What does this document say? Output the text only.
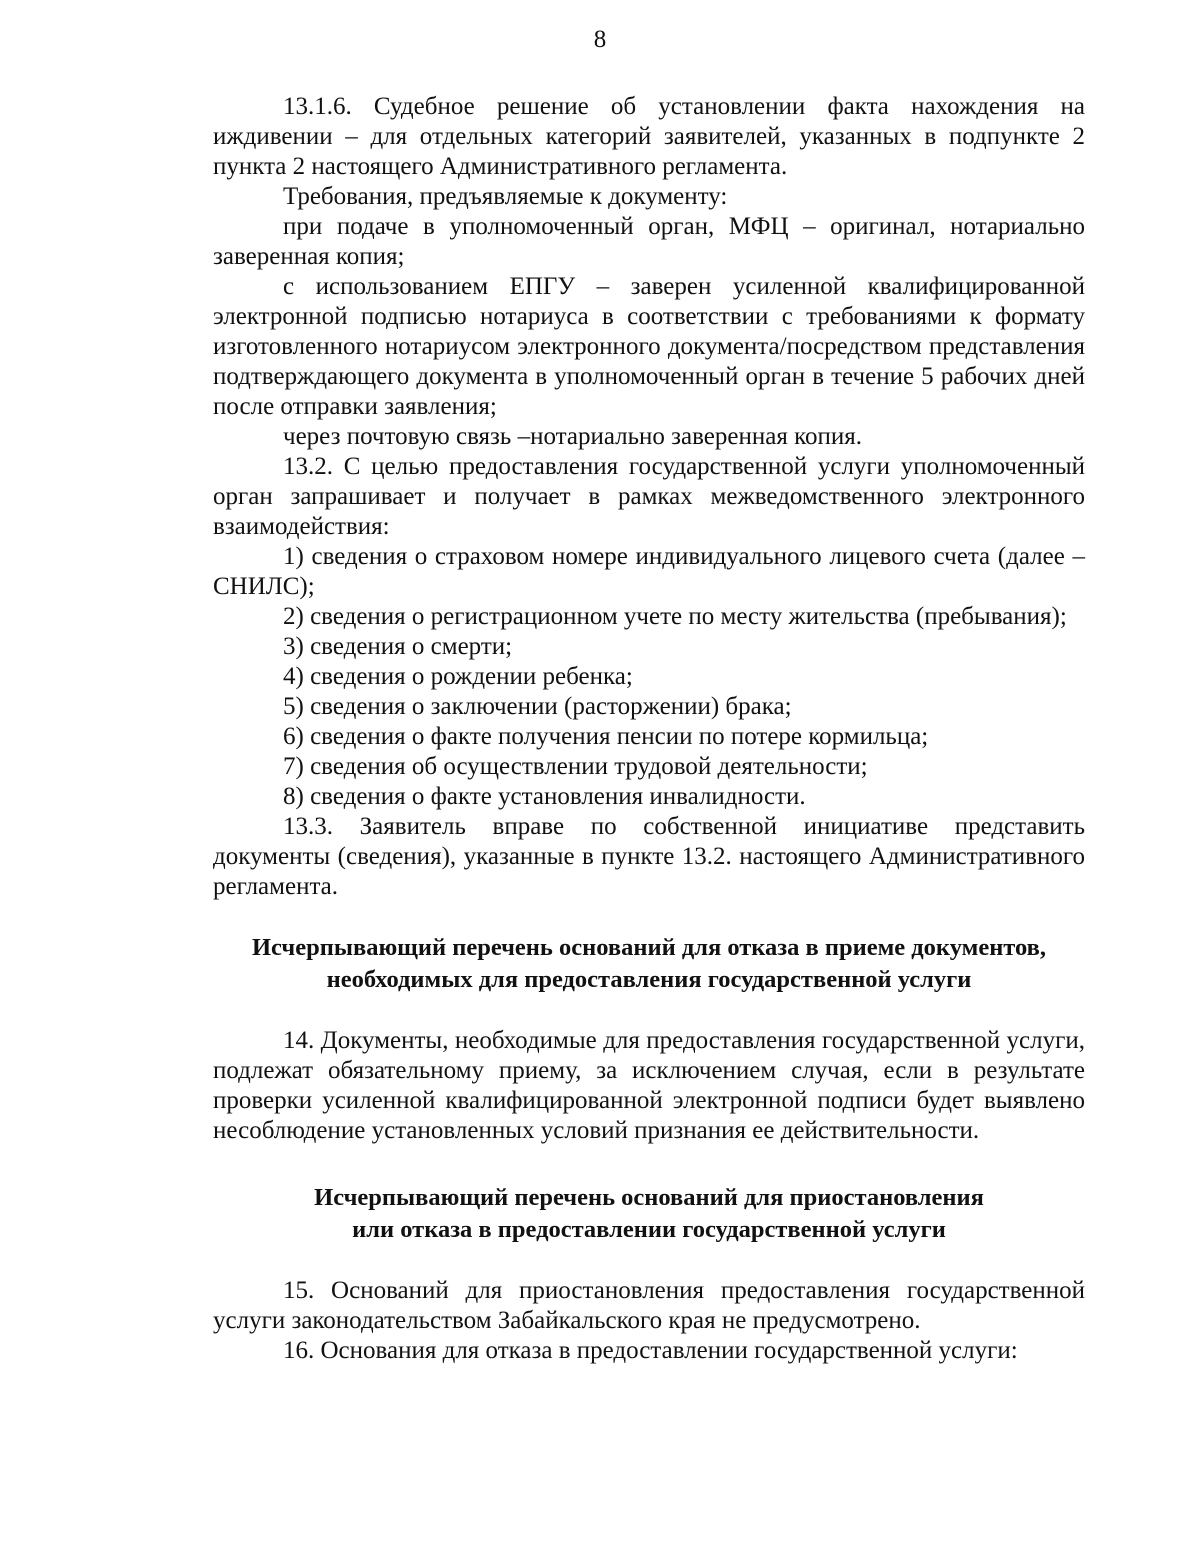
8

13.1.6. Судебное решение об установлении факта нахождения на иждивении – для отдельных категорий заявителей, указанных в подпункте 2 пункта 2 настоящего Административного регламента.

Требования, предъявляемые к документу:

при подаче в уполномоченный орган, МФЦ – оригинал, нотариально заверенная копия;

с использованием ЕПГУ – заверен усиленной квалифицированной электронной подписью нотариуса в соответствии с требованиями к формату изготовленного нотариусом электронного документа/посредством представления подтверждающего документа в уполномоченный орган в течение 5 рабочих дней после отправки заявления;

через почтовую связь –нотариально заверенная копия.

13.2. С целью предоставления государственной услуги уполномоченный орган запрашивает и получает в рамках межведомственного электронного взаимодействия:

1) сведения о страховом номере индивидуального лицевого счета (далее – СНИЛС);

2) сведения о регистрационном учете по месту жительства (пребывания);

3) сведения о смерти;

4) сведения о рождении ребенка;

5) сведения о заключении (расторжении) брака;

6) сведения о факте получения пенсии по потере кормильца;

7) сведения об осуществлении трудовой деятельности;

8) сведения о факте установления инвалидности.

13.3. Заявитель вправе по собственной инициативе представить документы (сведения), указанные в пункте 13.2. настоящего Административного регламента.

Исчерпывающий перечень оснований для отказа в приеме документов,
необходимых для предоставления государственной услуги

14. Документы, необходимые для предоставления государственной услуги, подлежат обязательному приему, за исключением случая, если в результате проверки усиленной квалифицированной электронной подписи будет выявлено несоблюдение установленных условий признания ее действительности.

Исчерпывающий перечень оснований для приостановления
или отказа в предоставлении государственной услуги

15. Оснований для приостановления предоставления государственной услуги законодательством Забайкальского края не предусмотрено.

16. Основания для отказа в предоставлении государственной услуги:
